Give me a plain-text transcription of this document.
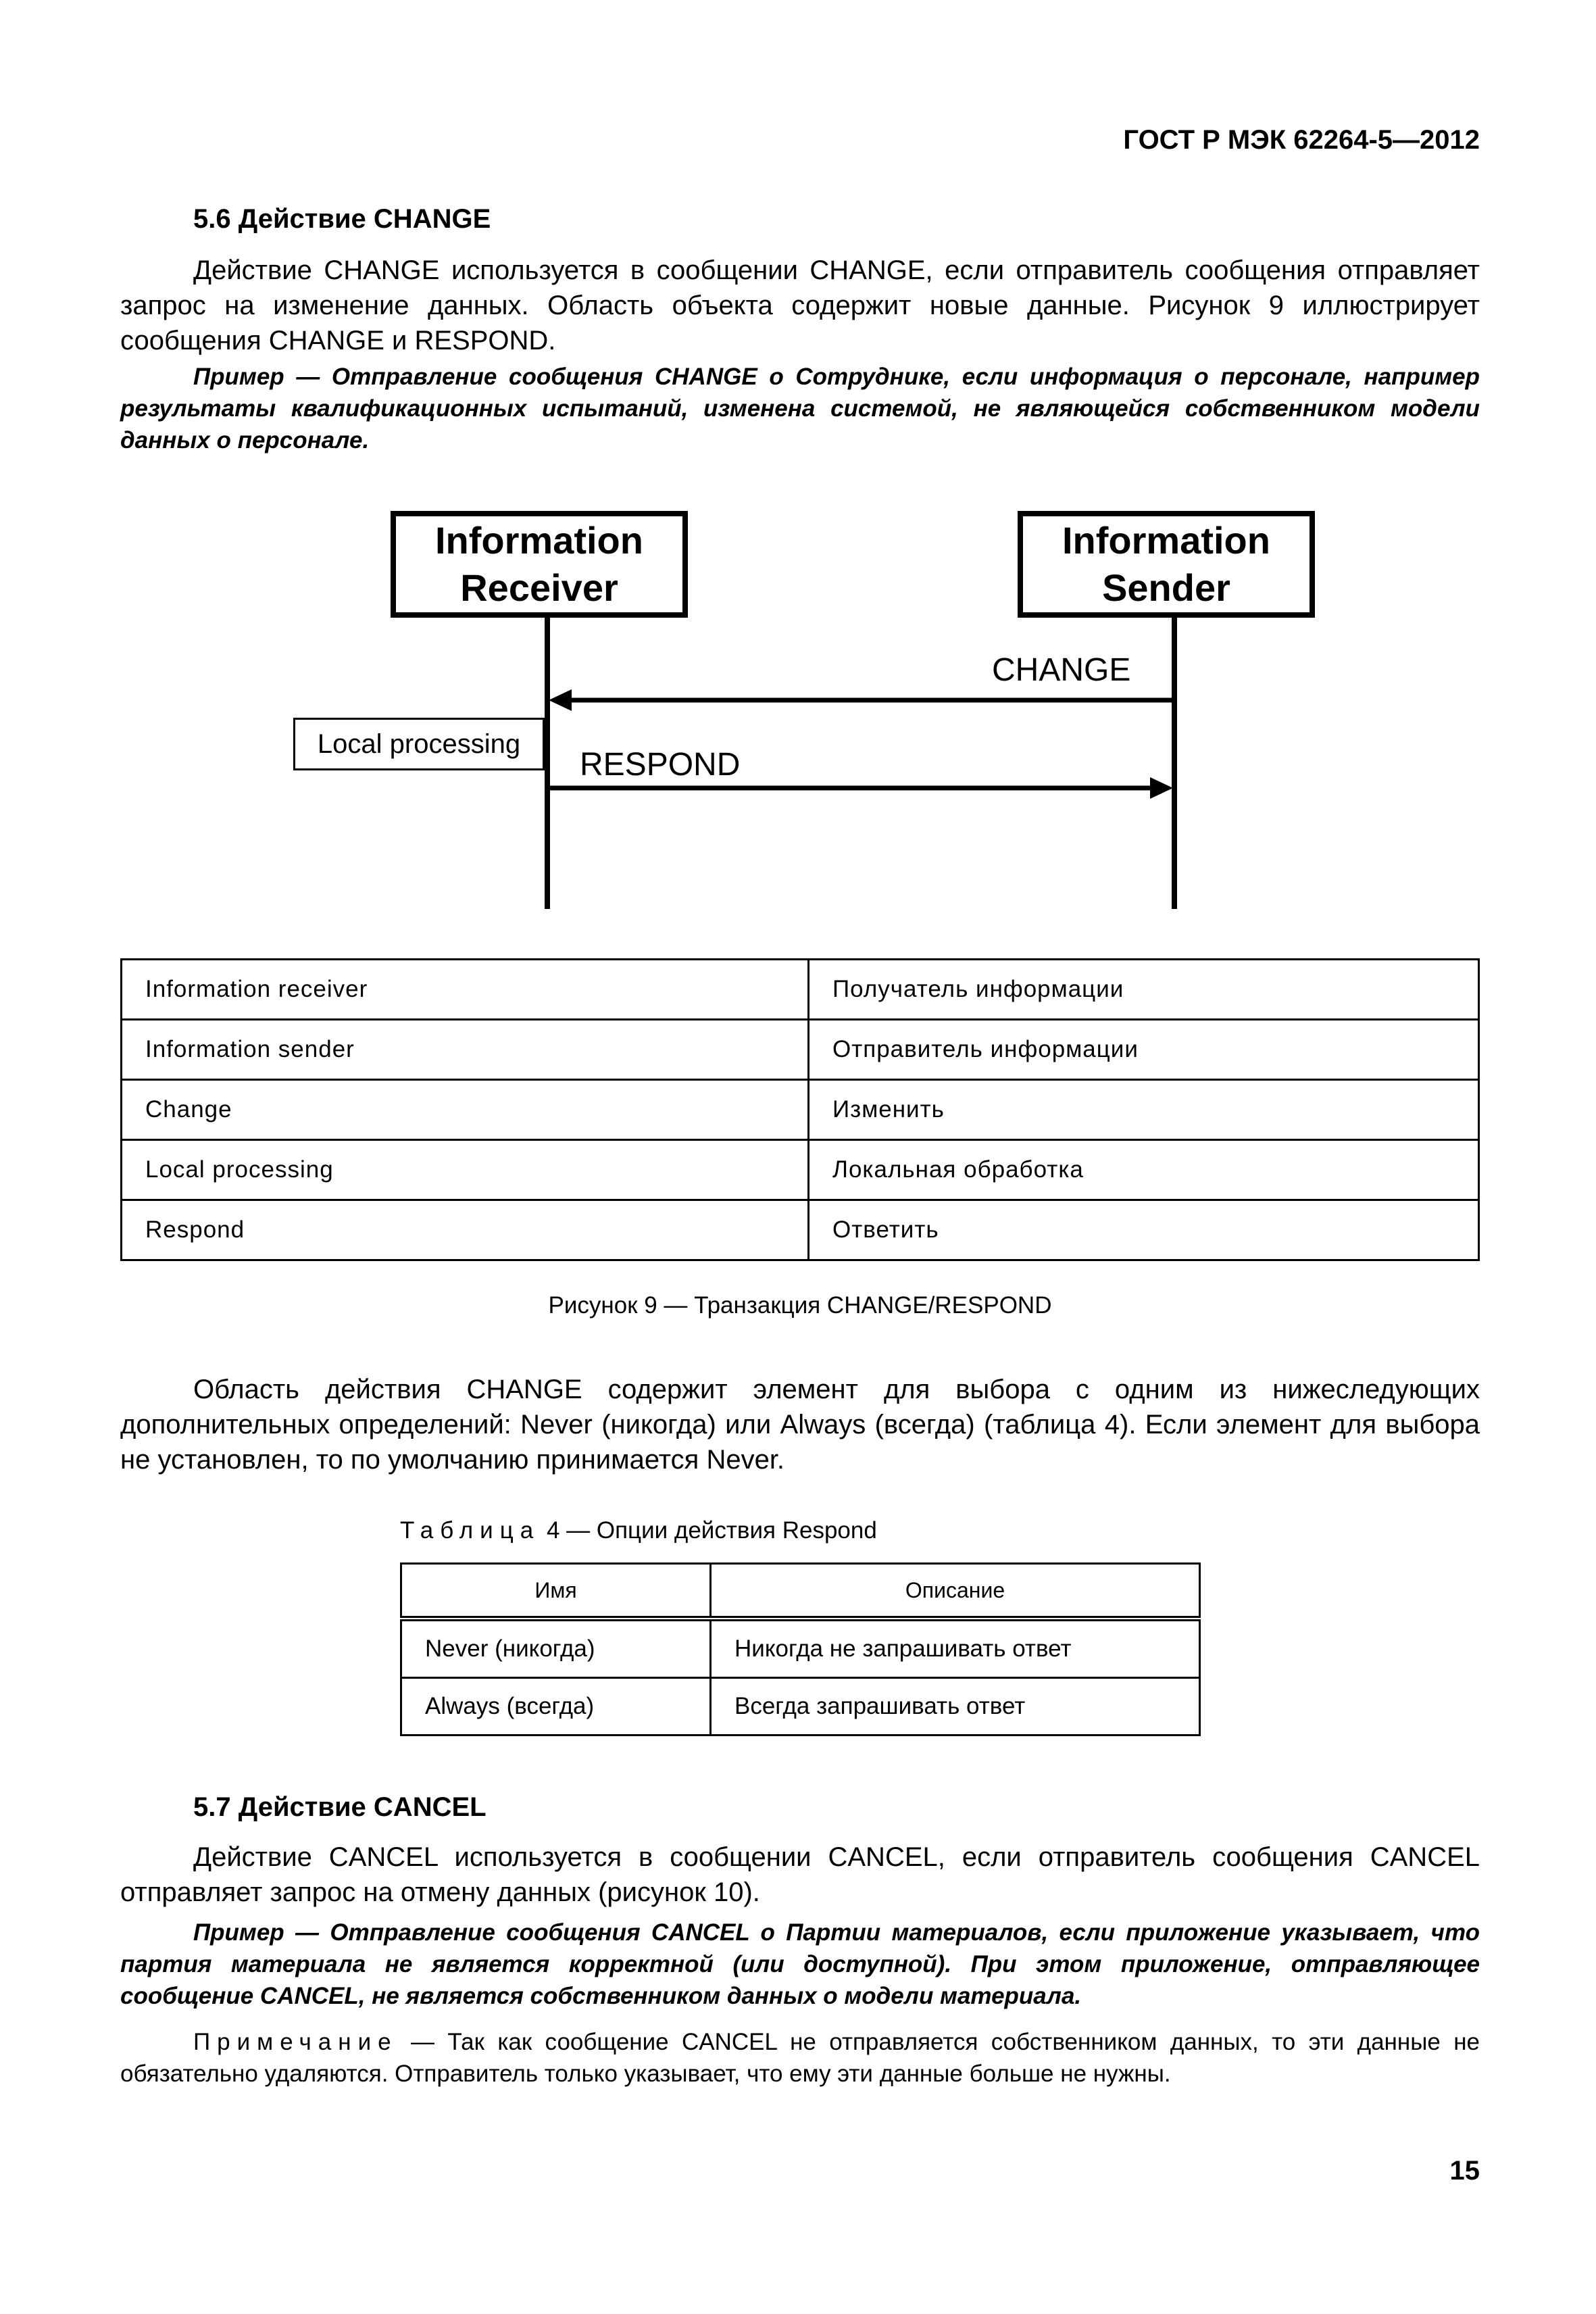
ГОСТ Р МЭК 62264-5—2012
5.6 Действие CHANGE
Действие CHANGE используется в сообщении CHANGE, если отправитель сообщения отправляет запрос на изменение данных. Область объекта содержит новые данные. Рисунок 9 иллюстрирует сообщения CHANGE и RESPOND.
Пример — Отправление сообщения CHANGE о Сотруднике, если информация о персонале, например результаты квалификационных испытаний, изменена системой, не являющейся собственником модели данных о персонале.
Information
Receiver
Information
Sender
CHANGE
RESPOND
Local processing
Information receiver	Получатель информации
Information sender	Отправитель информации
Change	Изменить
Local processing	Локальная обработка
Respond	Ответить
Рисунок 9 — Транзакция CHANGE/RESPOND
Область действия CHANGE содержит элемент для выбора с одним из нижеследующих дополнительных определений: Never (никогда) или Always (всегда) (таблица 4). Если элемент для выбора не установлен, то по умолчанию принимается Never.
Таблица 4 — Опции действия Respond
Имя	Описание
Never (никогда)	Никогда не запрашивать ответ
Always (всегда)	Всегда запрашивать ответ
5.7 Действие CANCEL
Действие CANCEL используется в сообщении CANCEL, если отправитель сообщения CANCEL отправляет запрос на отмену данных (рисунок 10).
Пример — Отправление сообщения CANCEL о Партии материалов, если приложение указывает, что партия материала не является корректной (или доступной). При этом приложение, отправляющее сообщение CANCEL, не является собственником данных о модели материала.
Примечание — Так как сообщение CANCEL не отправляется собственником данных, то эти данные не обязательно удаляются. Отправитель только указывает, что ему эти данные больше не нужны.
15
